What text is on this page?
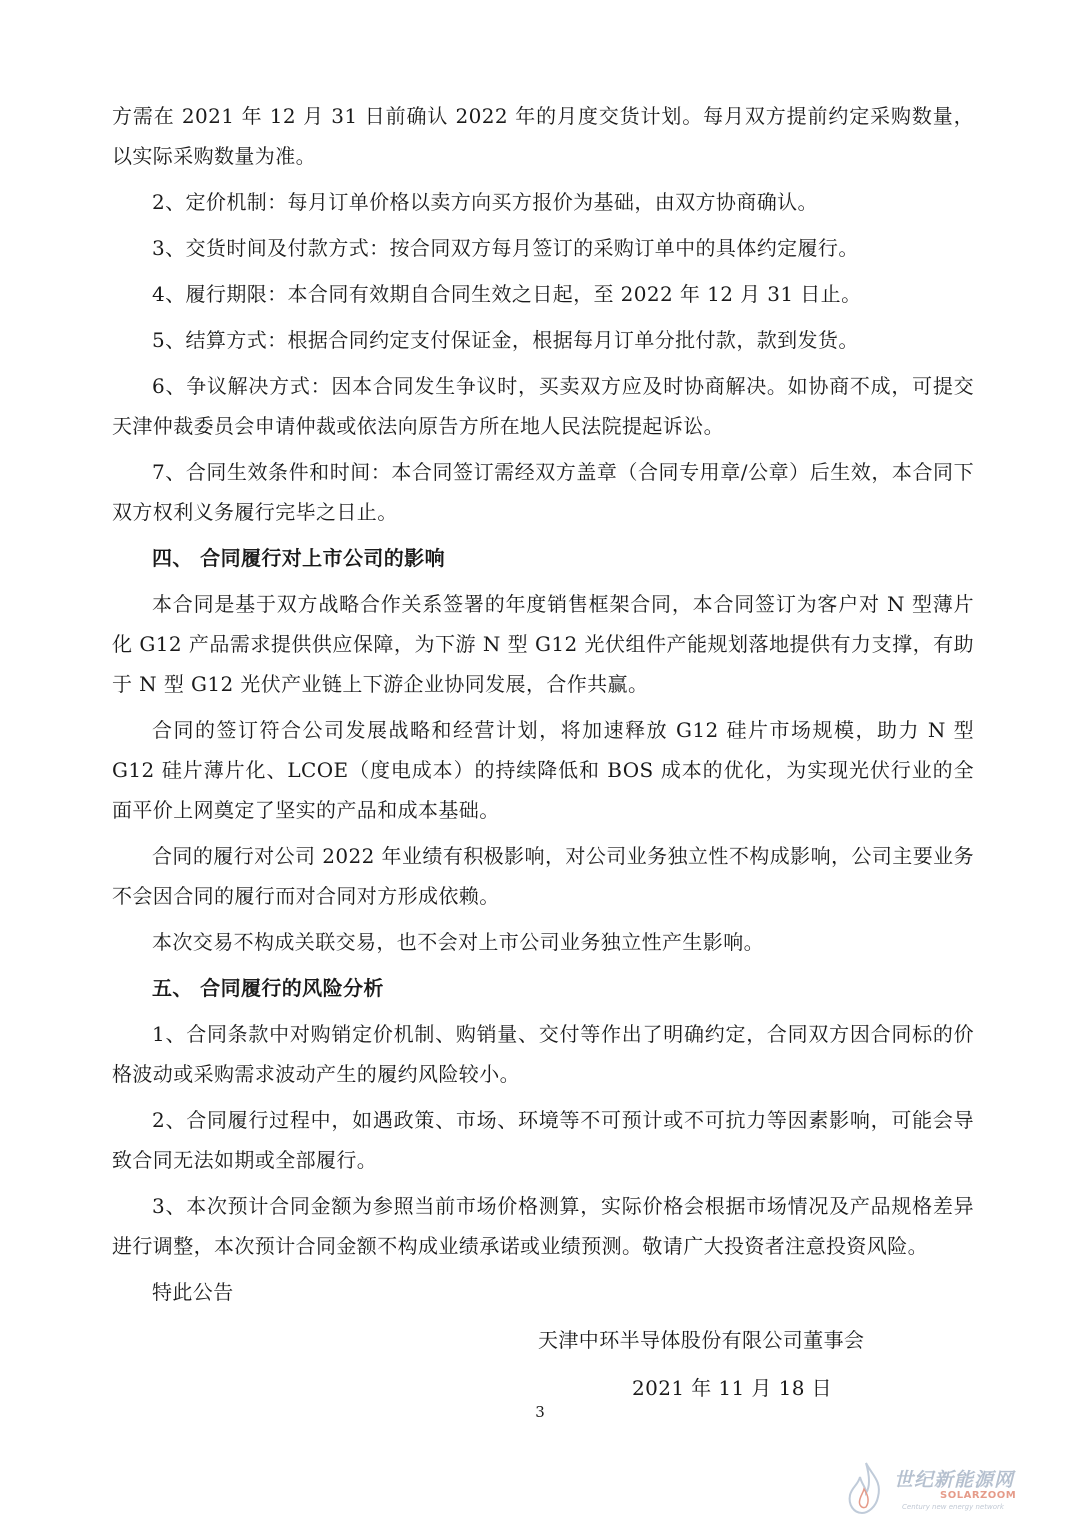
方需在 2021 年 12 月 31 日前确认 2022 年的月度交货计划。每月双方提前约定采购数量，以实际采购数量为准。

2、定价机制：每月订单价格以卖方向买方报价为基础，由双方协商确认。

3、交货时间及付款方式：按合同双方每月签订的采购订单中的具体约定履行。

4、履行期限：本合同有效期自合同生效之日起，至 2022 年 12 月 31 日止。

5、结算方式：根据合同约定支付保证金，根据每月订单分批付款，款到发货。

6、争议解决方式：因本合同发生争议时，买卖双方应及时协商解决。如协商不成，可提交天津仲裁委员会申请仲裁或依法向原告方所在地人民法院提起诉讼。

7、合同生效条件和时间：本合同签订需经双方盖章（合同专用章/公章）后生效，本合同下双方权利义务履行完毕之日止。

四、 合同履行对上市公司的影响

本合同是基于双方战略合作关系签署的年度销售框架合同，本合同签订为客户对 N 型薄片化 G12 产品需求提供供应保障，为下游 N 型 G12 光伏组件产能规划落地提供有力支撑，有助于 N 型 G12 光伏产业链上下游企业协同发展，合作共赢。

合同的签订符合公司发展战略和经营计划，将加速释放 G12 硅片市场规模，助力 N 型 G12 硅片薄片化、LCOE（度电成本）的持续降低和 BOS 成本的优化，为实现光伏行业的全面平价上网奠定了坚实的产品和成本基础。

合同的履行对公司 2022 年业绩有积极影响，对公司业务独立性不构成影响，公司主要业务不会因合同的履行而对合同对方形成依赖。

本次交易不构成关联交易，也不会对上市公司业务独立性产生影响。

五、 合同履行的风险分析

1、合同条款中对购销定价机制、购销量、交付等作出了明确约定，合同双方因合同标的价格波动或采购需求波动产生的履约风险较小。

2、合同履行过程中，如遇政策、市场、环境等不可预计或不可抗力等因素影响，可能会导致合同无法如期或全部履行。

3、本次预计合同金额为参照当前市场价格测算，实际价格会根据市场情况及产品规格差异进行调整，本次预计合同金额不构成业绩承诺或业绩预测。敬请广大投资者注意投资风险。

特此公告

天津中环半导体股份有限公司董事会
2021 年 11 月 18 日
3
世纪新能源网
SOLARZOOM
Century new energy network
